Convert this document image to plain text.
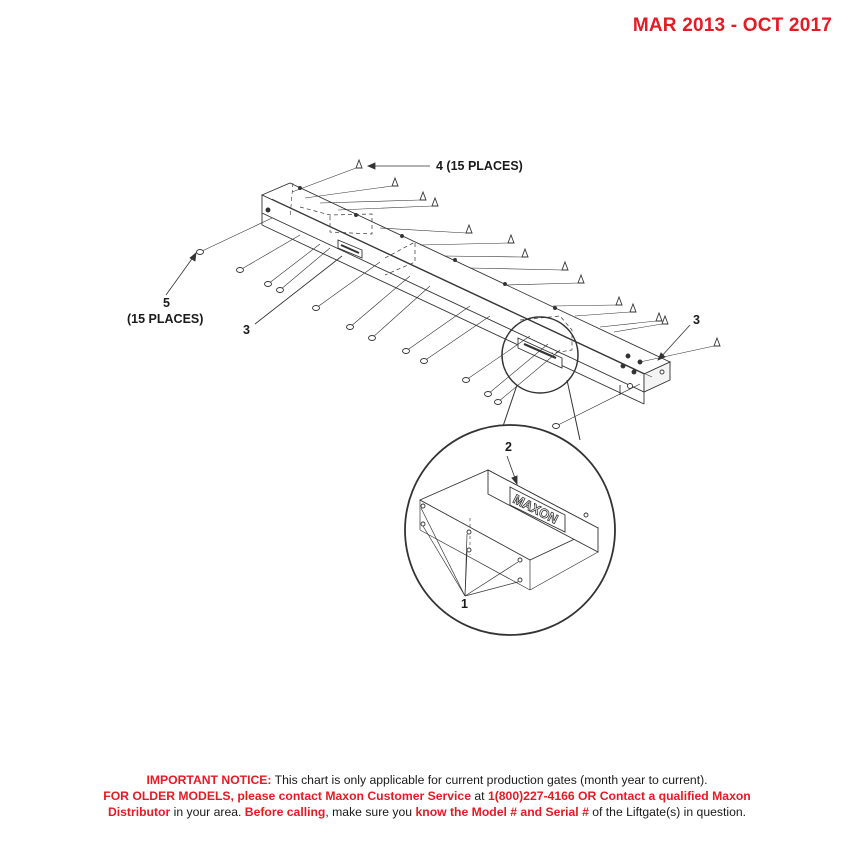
MAR 2013 - OCT 2017
MAXON
4 (15 PLACES)
5
(15 PLACES)
3
3
2
1
IMPORTANT NOTICE: This chart is only applicable for current production gates (month year to current).
FOR OLDER MODELS, please contact Maxon Customer Service at 1(800)227-4166 OR Contact a qualified Maxon
Distributor in your area. Before calling, make sure you know the Model # and Serial # of the Liftgate(s) in question.
